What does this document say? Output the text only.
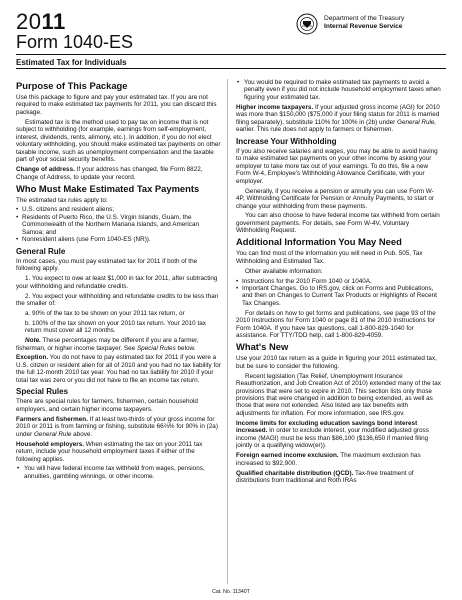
2011
Form 1040-ES
Department of the Treasury
Internal Revenue Service
Estimated Tax for Individuals
Purpose of This Package

Use this package to figure and pay your estimated tax. If you are not required to make estimated tax payments for 2011, you can discard this package.

Estimated tax is the method used to pay tax on income that is not subject to withholding (for example, earnings from self-employment, interest, dividends, rents, alimony, etc.). In addition, if you do not elect voluntary withholding, you should make estimated tax payments on other taxable income, such as unemployment compensation and the taxable part of your social security benefits.

Change of address. If your address has changed, file Form 8822, Change of Address, to update your record.

Who Must Make Estimated Tax Payments

The estimated tax rules apply to:

• U.S. citizens and resident aliens;
• Residents of Puerto Rico, the U.S. Virgin Islands, Guam, the Commonwealth of the Northern Mariana Islands, and American Samoa; and
• Nonresident aliens (use Form 1040-ES (NR)).
General Rule

In most cases, you must pay estimated tax for 2011 if both of the following apply.

1. You expect to owe at least $1,000 in tax for 2011, after subtracting your withholding and refundable credits.

2. You expect your withholding and refundable credits to be less than the smaller of:

a. 90% of the tax to be shown on your 2011 tax return, or

b. 100% of the tax shown on your 2010 tax return. Your 2010 tax return must cover all 12 months.

Note. These percentages may be different if you are a farmer, fisherman, or higher income taxpayer. See Special Rules below.

Exception. You do not have to pay estimated tax for 2011 if you were a U.S. citizen or resident alien for all of 2010 and you had no tax liability for the full 12-month 2010 tax year. You had no tax liability for 2010 if your total tax was zero or you did not have to file an income tax return.

Special Rules

There are special rules for farmers, fishermen, certain household employers, and certain higher income taxpayers.

Farmers and fishermen. If at least two-thirds of your gross income for 2010 or 2011 is from farming or fishing, substitute 66⅔% for 90% in (2a) under General Rule above.

Household employers. When estimating the tax on your 2011 tax return, include your household employment taxes if either of the following applies.

• You will have federal income tax withheld from wages, pensions, annuities, gambling winnings, or other income.

• You would be required to make estimated tax payments to avoid a penalty even if you did not include household employment taxes when figuring your estimated tax.

Higher income taxpayers. If your adjusted gross income (AGI) for 2010 was more than $150,000 ($75,000 if your filing status for 2011 is married filing separately), substitute 110% for 100% in (2b) under General Rule, earlier. This rule does not apply to farmers or fishermen.

Increase Your Withholding

If you also receive salaries and wages, you may be able to avoid having to make estimated tax payments on your other income by asking your employer to take more tax out of your earnings. To do this, file a new Form W-4, Employee's Withholding Allowance Certificate, with your employer.

Generally, if you receive a pension or annuity you can use Form W-4P, Withholding Certificate for Pension or Annuity Payments, to start or change your withholding from these payments.

You can also choose to have federal income tax withheld from certain government payments. For details, see Form W-4V, Voluntary Withholding Request.

Additional Information You May Need

You can find most of the information you will need in Pub. 505, Tax Withholding and Estimated Tax.

Other available information:

• Instructions for the 2010 Form 1040 or 1040A.
• Important Changes. Go to IRS.gov, click on Forms and Publications, and then on Changes to Current Tax Products or Highlights of Recent Tax Changes.

For details on how to get forms and publications, see page 93 of the 2010 Instructions for Form 1040 or page 81 of the 2010 Instructions for Form 1040A. If you have tax questions, call 1-800-829-1040 for assistance. For TTY/TDD help, call 1-800-829-4059.

What's New

Use your 2010 tax return as a guide in figuring your 2011 estimated tax, but be sure to consider the following.

Recent legislation (Tax Relief, Unemployment Insurance Reauthorization, and Job Creation Act of 2010) extended many of the tax provisions that were set to expire in 2010. This section lists only those provisions that were changed in addition to being extended, as well as those that were not extended. Also listed are tax benefits with adjustments for inflation. For more information, see IRS.gov.

Income limits for excluding education savings bond interest increased. In order to exclude interest, your modified adjusted gross income (MAGI) must be less than $86,100 ($136,650 if married filing jointly or a qualifying widow(er)).

Foreign earned income exclusion. The maximum exclusion has increased to $92,900.

Qualified charitable distribution (QCD). Tax-free treatment of distributions from traditional and Roth IRAs

Cat. No. 11340T
